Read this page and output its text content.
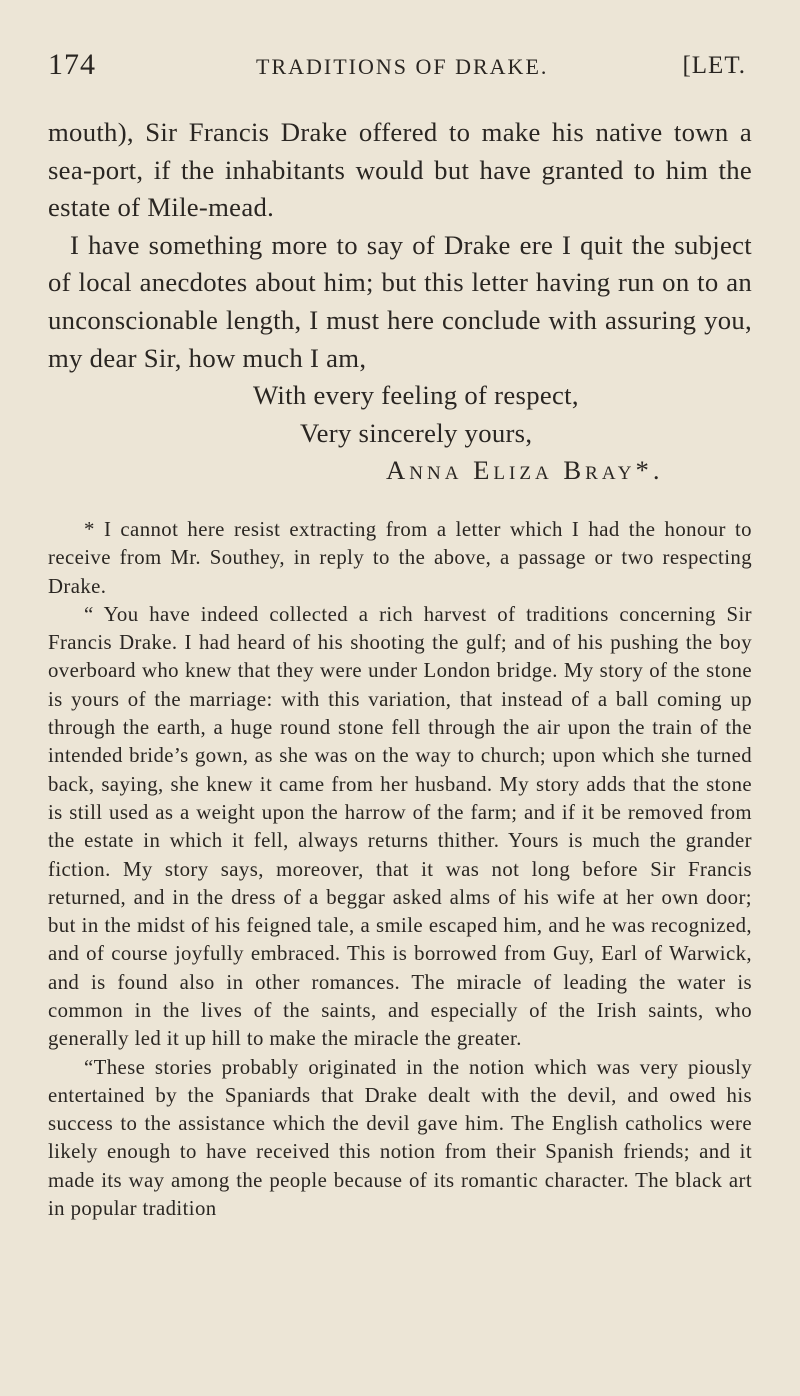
174	TRADITIONS OF DRAKE.	[LET.

mouth), Sir Francis Drake offered to make his native town a sea-port, if the inhabitants would but have granted to him the estate of Mile-mead.

I have something more to say of Drake ere I quit the subject of local anecdotes about him; but this letter having run on to an unconscionable length, I must here conclude with assuring you, my dear Sir, how much I am,

With every feeling of respect,

Very sincerely yours,

Anna Eliza Bray*.

* I cannot here resist extracting from a letter which I had the honour to receive from Mr. Southey, in reply to the above, a passage or two respecting Drake.

“ You have indeed collected a rich harvest of traditions concerning Sir Francis Drake. I had heard of his shooting the gulf; and of his pushing the boy overboard who knew that they were under London bridge. My story of the stone is yours of the marriage: with this variation, that instead of a ball coming up through the earth, a huge round stone fell through the air upon the train of the intended bride’s gown, as she was on the way to church; upon which she turned back, saying, she knew it came from her husband. My story adds that the stone is still used as a weight upon the harrow of the farm; and if it be removed from the estate in which it fell, always returns thither. Yours is much the grander fiction. My story says, moreover, that it was not long before Sir Francis returned, and in the dress of a beggar asked alms of his wife at her own door; but in the midst of his feigned tale, a smile escaped him, and he was recognized, and of course joyfully embraced. This is borrowed from Guy, Earl of Warwick, and is found also in other romances. The miracle of leading the water is common in the lives of the saints, and especially of the Irish saints, who generally led it up hill to make the miracle the greater.

“These stories probably originated in the notion which was very piously entertained by the Spaniards that Drake dealt with the devil, and owed his success to the assistance which the devil gave him. The English catholics were likely enough to have received this notion from their Spanish friends; and it made its way among the people because of its romantic character. The black art in popular tradition
